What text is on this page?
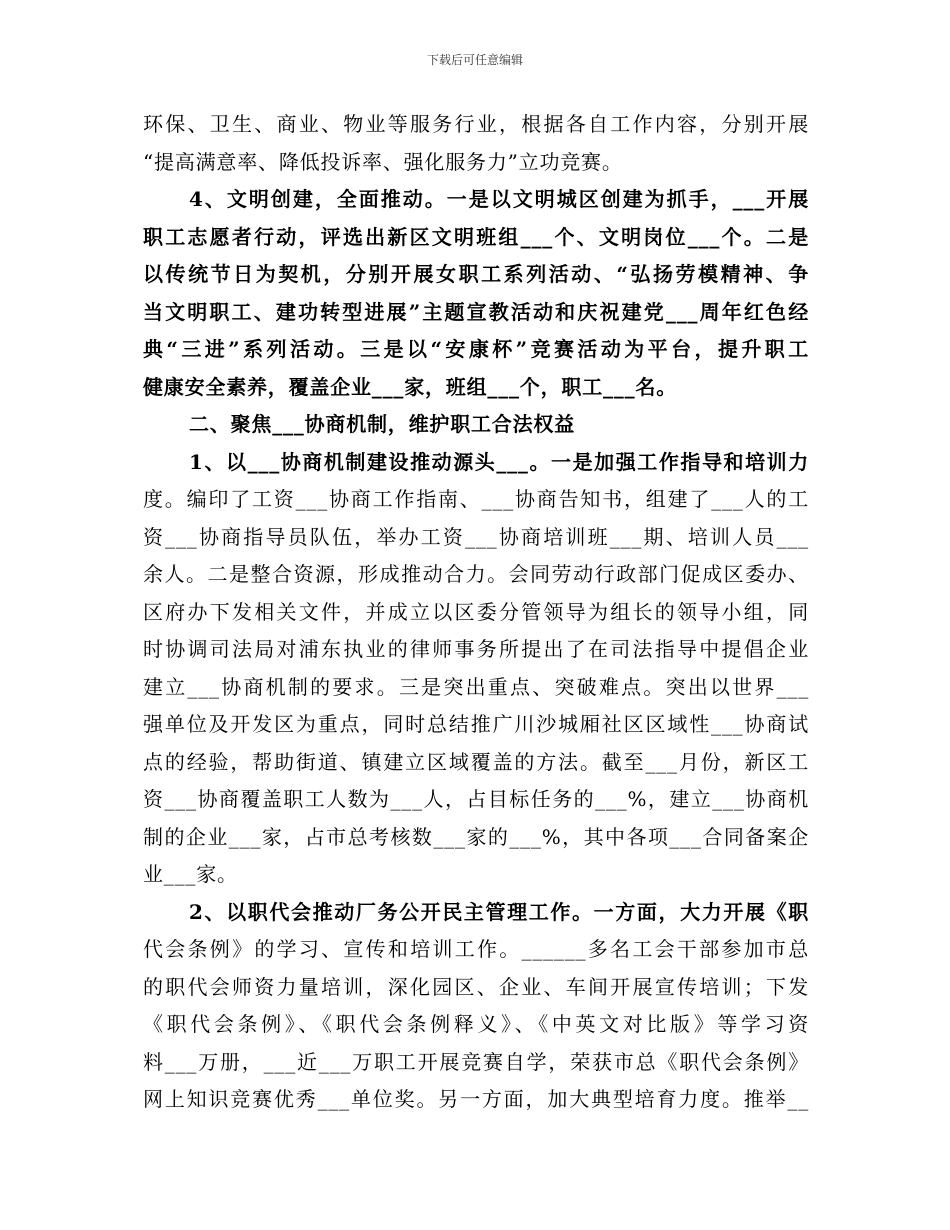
下载后可任意编辑
环保、卫生、商业、物业等服务行业，根据各自工作内容，分别开展
“提高满意率、降低投诉率、强化服务力”立功竞赛。
4、文明创建，全面推动。一是以文明城区创建为抓手，___开展
职工志愿者行动，评选出新区文明班组___个、文明岗位___个。二是
以传统节日为契机，分别开展女职工系列活动、“弘扬劳模精神、争
当文明职工、建功转型进展”主题宣教活动和庆祝建党___周年红色经
典“三进”系列活动。三是以“安康杯”竞赛活动为平台，提升职工
健康安全素养，覆盖企业___家，班组___个，职工___名。
二、聚焦___协商机制，维护职工合法权益
1、以___协商机制建设推动源头___。一是加强工作指导和培训力
度。编印了工资___协商工作指南、___协商告知书，组建了___人的工
资___协商指导员队伍，举办工资___协商培训班___期、培训人员___
余人。二是整合资源，形成推动合力。会同劳动行政部门促成区委办、
区府办下发相关文件，并成立以区委分管领导为组长的领导小组，同
时协调司法局对浦东执业的律师事务所提出了在司法指导中提倡企业
建立___协商机制的要求。三是突出重点、突破难点。突出以世界___
强单位及开发区为重点，同时总结推广川沙城厢社区区域性___协商试
点的经验，帮助街道、镇建立区域覆盖的方法。截至___月份，新区工
资___协商覆盖职工人数为___人，占目标任务的___%，建立___协商机
制的企业___家，占市总考核数___家的___%，其中各项___合同备案企
业___家。
2、以职代会推动厂务公开民主管理工作。一方面，大力开展《职
代会条例》的学习、宣传和培训工作。______多名工会干部参加市总
的职代会师资力量培训，深化园区、企业、车间开展宣传培训；下发
《职代会条例》、《职代会条例释义》、《中英文对比版》等学习资
料___万册，___近___万职工开展竞赛自学，荣获市总《职代会条例》
网上知识竞赛优秀___单位奖。另一方面，加大典型培育力度。推举__
